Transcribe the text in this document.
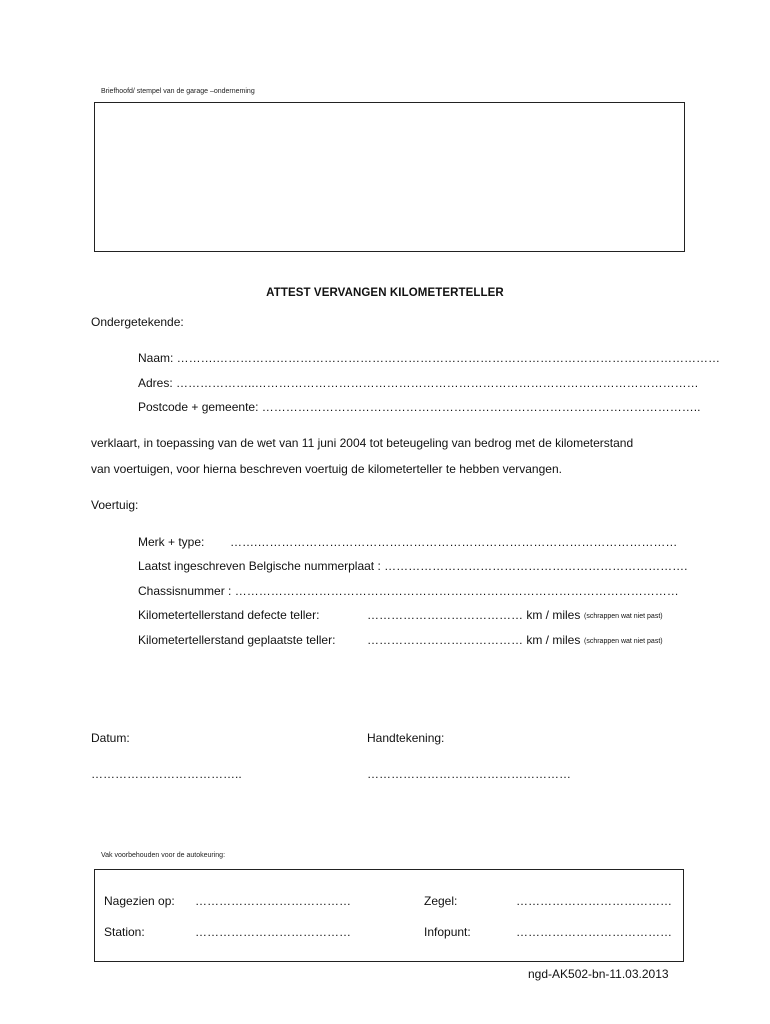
Briefhoofd/ stempel van de garage –onderneming
ATTEST VERVANGEN KILOMETERTELLER
Ondergetekende:
Naam: ……….………………………………………………………………………………………………………………
Adres: ………………..…………………………………………………………………………………………………
Postcode + gemeente: ………………………………………………………………………………………………..
verklaart, in toepassing van de wet van 11 juni 2004 tot beteugeling van bedrog met de kilometerstand
van voertuigen, voor hierna beschreven voertuig de kilometerteller te hebben vervangen.
Voertuig:
Merk + type: …….……………………………………………………………………………………………
Laatst ingeschreven Belgische nummerplaat : ………………………………………………………………….
Chassisnummer : …………………………………………………………………………………………………
Kilometertellerstand defecte teller:	………………………………… km / miles (schrappen wat niet past)
Kilometertellerstand geplaatste teller:	………………………………… km / miles (schrappen wat niet past)
Datum:	Handtekening:
………………………………..	……………………………………………
Vak voorbehouden voor de autokeuring:
Nagezien op: …………………………………	Zegel:	…………………………………
Station:	…………………………………	Infopunt:	…………………………………
ngd-AK502-bn-11.03.2013
